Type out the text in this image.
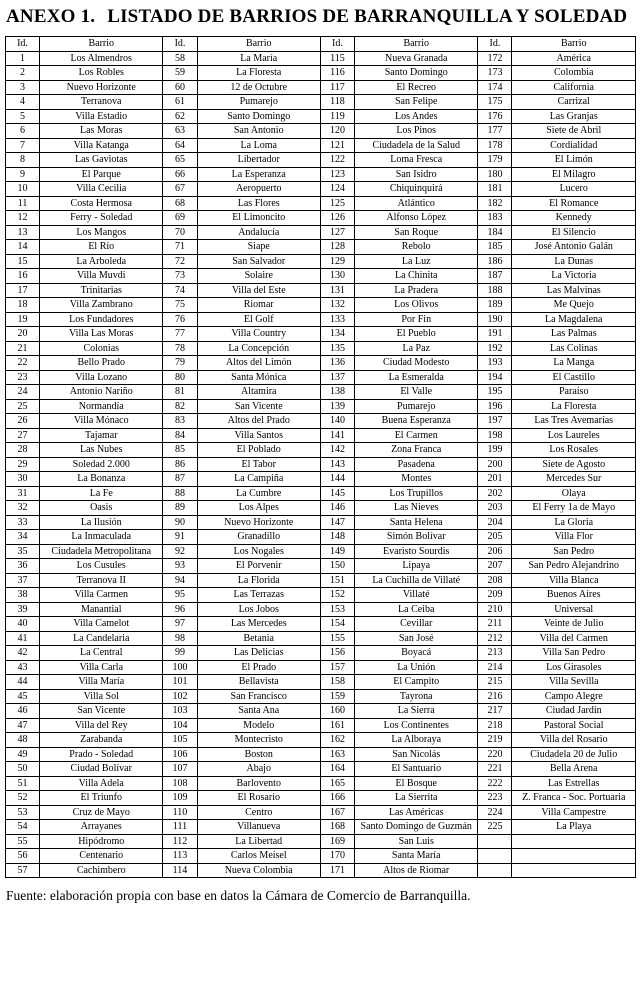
ANEXO 1. LISTADO DE BARRIOS DE BARRANQUILLA Y SOLEDAD
Id.	Barrio	Id.	Barrio	Id.	Barrio	Id.	Barrio
1	Los Almendros	58	La María	115	Nueva Granada	172	América
2	Los Robles	59	La Floresta	116	Santo Domingo	173	Colombia
3	Nuevo Horizonte	60	12 de Octubre	117	El Recreo	174	California
4	Terranova	61	Pumarejo	118	San Felipe	175	Carrizal
5	Villa Estadio	62	Santo Domingo	119	Los Andes	176	Las Granjas
6	Las Moras	63	San Antonio	120	Los Pinos	177	Siete de Abril
7	Villa Katanga	64	La Loma	121	Ciudadela de la Salud	178	Cordialidad
8	Las Gaviotas	65	Libertador	122	Loma Fresca	179	El Limón
9	El Parque	66	La Esperanza	123	San Isidro	180	El Milagro
10	Villa Cecilia	67	Aeropuerto	124	Chiquinquirá	181	Lucero
11	Costa Hermosa	68	Las Flores	125	Atlántico	182	El Romance
12	Ferry - Soledad	69	El Limoncito	126	Alfonso López	183	Kennedy
13	Los Mangos	70	Andalucía	127	San Roque	184	El Silencio
14	El Río	71	Siape	128	Rebolo	185	José Antonio Galán
15	La Arboleda	72	San Salvador	129	La Luz	186	La Dunas
16	Villa Muvdi	73	Solaire	130	La Chinita	187	La Victoria
17	Trinitarias	74	Villa del Este	131	La Pradera	188	Las Malvinas
18	Villa Zambrano	75	Riomar	132	Los Olivos	189	Me Quejo
19	Los Fundadores	76	El Golf	133	Por Fin	190	La Magdalena
20	Villa Las Moras	77	Villa Country	134	El Pueblo	191	Las Palmas
21	Colonias	78	La Concepción	135	La Paz	192	Las Colinas
22	Bello Prado	79	Altos del Limón	136	Ciudad Modesto	193	La Manga
23	Villa Lozano	80	Santa Mónica	137	La Esmeralda	194	El Castillo
24	Antonio Nariño	81	Altamira	138	El Valle	195	Paraíso
25	Normandía	82	San Vicente	139	Pumarejo	196	La Floresta
26	Villa Mónaco	83	Altos del Prado	140	Buena Esperanza	197	Las Tres Avemarías
27	Tajamar	84	Villa Santos	141	El Carmen	198	Los Laureles
28	Las Nubes	85	El Poblado	142	Zona Franca	199	Los Rosales
29	Soledad 2.000	86	El Tabor	143	Pasadena	200	Siete de Agosto
30	La Bonanza	87	La Campiña	144	Montes	201	Mercedes Sur
31	La Fe	88	La Cumbre	145	Los Trupillos	202	Olaya
32	Oasis	89	Los Alpes	146	Las Nieves	203	El Ferry 1a de Mayo
33	La Ilusión	90	Nuevo Horizonte	147	Santa Helena	204	La Gloria
34	La Inmaculada	91	Granadillo	148	Simón Bolívar	205	Villa Flor
35	Ciudadela Metropolitana	92	Los Nogales	149	Evaristo Sourdis	206	San Pedro
36	Los Cusules	93	El Porvenir	150	Lipaya	207	San Pedro Alejandrino
37	Terranova II	94	La Florida	151	La Cuchilla de Villaté	208	Villa Blanca
38	Villa Carmen	95	Las Terrazas	152	Villaté	209	Buenos Aires
39	Manantial	96	Los Jobos	153	La Ceiba	210	Universal
40	Villa Camelot	97	Las Mercedes	154	Cevillar	211	Veinte de Julio
41	La Candelaria	98	Betania	155	San José	212	Villa del Carmen
42	La Central	99	Las Delicias	156	Boyacá	213	Villa San Pedro
43	Villa Carla	100	El Prado	157	La Unión	214	Los Girasoles
44	Villa María	101	Bellavista	158	El Campito	215	Villa Sevilla
45	Villa Sol	102	San Francisco	159	Tayrona	216	Campo Alegre
46	San Vicente	103	Santa Ana	160	La Sierra	217	Ciudad Jardín
47	Villa del Rey	104	Modelo	161	Los Continentes	218	Pastoral Social
48	Zarabanda	105	Montecristo	162	La Alboraya	219	Villa del Rosario
49	Prado - Soledad	106	Boston	163	San Nicolás	220	Ciudadela 20 de Julio
50	Ciudad Bolívar	107	Abajo	164	El Santuario	221	Bella Arena
51	Villa Adela	108	Barlovento	165	El Bosque	222	Las Estrellas
52	El Triunfo	109	El Rosario	166	La Sierrita	223	Z. Franca - Soc. Portuaria
53	Cruz de Mayo	110	Centro	167	Las Américas	224	Villa Campestre
54	Arrayanes	111	Villanueva	168	Santo Domingo de Guzmán	225	La Playa
55	Hipódromo	112	La Libertad	169	San Luis		
56	Centenario	113	Carlos Meisel	170	Santa María		
57	Cachimbero	114	Nueva Colombia	171	Altos de Riomar		

Fuente: elaboración propia con base en datos la Cámara de Comercio de Barranquilla.
